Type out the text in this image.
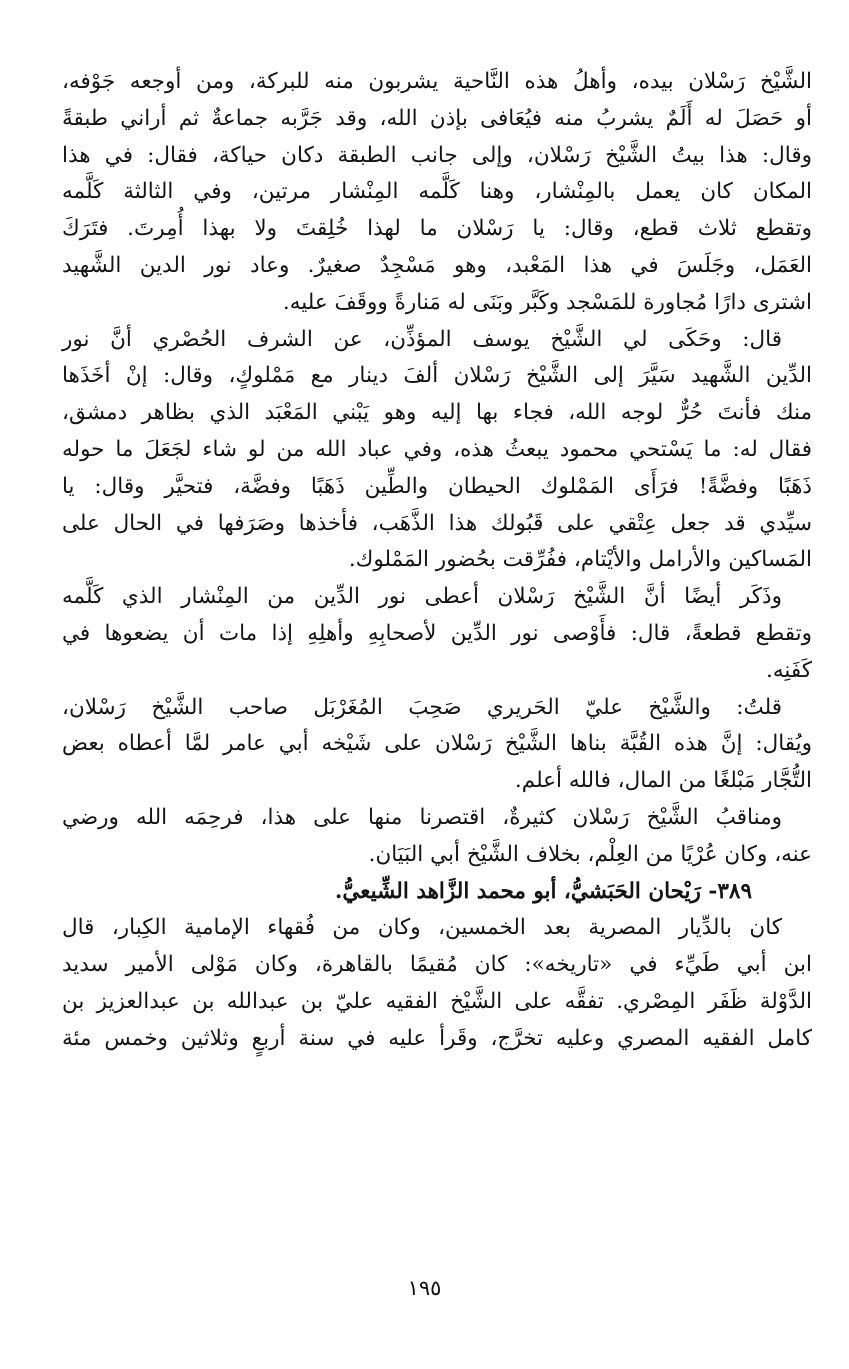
الشَّيْخ رَسْلان بيده، وأهلُ هذه النَّاحية يشربون منه للبركة، ومن أوجعه جَوْفه،
أو حَصَلَ له أَلَمٌ يشربُ منه فيُعَافى بإذن الله، وقد جَرَّبه جماعةٌ ثم أراني طبقةً
وقال: هذا بيتُ الشَّيْخ رَسْلان، وإلى جانب الطبقة دكان حياكة، فقال: في هذا
المكان كان يعمل بالمِنْشار، وهنا كَلَّمه المِنْشار مرتين، وفي الثالثة كَلَّمه
وتقطع ثلاث قطع، وقال: يا رَسْلان ما لهذا خُلِقتَ ولا بهذا أُمِرتَ. فتَرَكَ
العَمَل، وجَلَسَ في هذا المَعْبد، وهو مَسْجِدٌ صغيرٌ. وعاد نور الدين الشَّهيد
اشترى دارًا مُجاورة للمَسْجد وكَبَّر وبَنَى له مَنارةً ووقَفَ عليه.
قال: وحَكَى لي الشَّيْخ يوسف المؤذِّن، عن الشرف الحُصْري أنَّ نور
الدِّين الشَّهيد سَيَّرَ إلى الشَّيْخ رَسْلان ألفَ دينار مع مَمْلوكٍ، وقال: إنْ أخَذَها
منك فأنتَ حُرٌّ لوجه الله، فجاء بها إليه وهو يَبْني المَعْبَد الذي بظاهر دمشق،
فقال له: ما يَسْتحي محمود يبعثُ هذه، وفي عباد الله من لو شاء لجَعَلَ ما حوله
ذَهَبًا وفضَّةً! فرَأَى المَمْلوك الحيطان والطِّين ذَهَبًا وفضَّة، فتحيَّر وقال: يا
سيِّدي قد جعل عِتْقي على قَبُولك هذا الذَّهَب، فأخذها وصَرَفها في الحال على
المَساكين والأرامل والأيْتام، ففُرِّقت بحُضور المَمْلوك.
وذَكَر أيضًا أنَّ الشَّيْخ رَسْلان أعطى نور الدِّين من المِنْشار الذي كَلَّمه
وتقطع قطعةً، قال: فأَوْصى نور الدِّين لأصحابِهِ وأهلِهِ إذا مات أن يضعوها في
كَفَنِه.
قلتُ: والشَّيْخ عليّ الحَريري صَحِبَ المُغَرْبَل صاحب الشَّيْخ رَسْلان،
ويُقال: إنَّ هذه القُبَّة بناها الشَّيْخ رَسْلان على شَيْخه أبي عامر لمَّا أعطاه بعض
التُّجَّار مَبْلغًا من المال، فالله أعلم.
ومناقبُ الشَّيْخ رَسْلان كثيرةٌ، اقتصرنا منها على هذا، فرحِمَه الله ورضي
عنه، وكان عُرْيًا من العِلْم، بخلاف الشَّيْخ أبي البَيَان.
٣٨٩- رَيْحان الحَبَشيُّ، أبو محمد الزَّاهد الشِّيعيُّ.
كان بالدِّيار المصرية بعد الخمسين، وكان من فُقهاء الإمامية الكِبار، قال
ابن أبي طَيِّء في «تاريخه»: كان مُقيمًا بالقاهرة، وكان مَوْلى الأمير سديد
الدَّوْلة ظَفَر المِصْري. تفقَّه على الشَّيْخ الفقيه عليّ بن عبدالله بن عبدالعزيز بن
كامل الفقيه المصري وعليه تخرَّج، وقَرأ عليه في سنة أربعٍ وثلاثين وخمس مئة
١٩٥
